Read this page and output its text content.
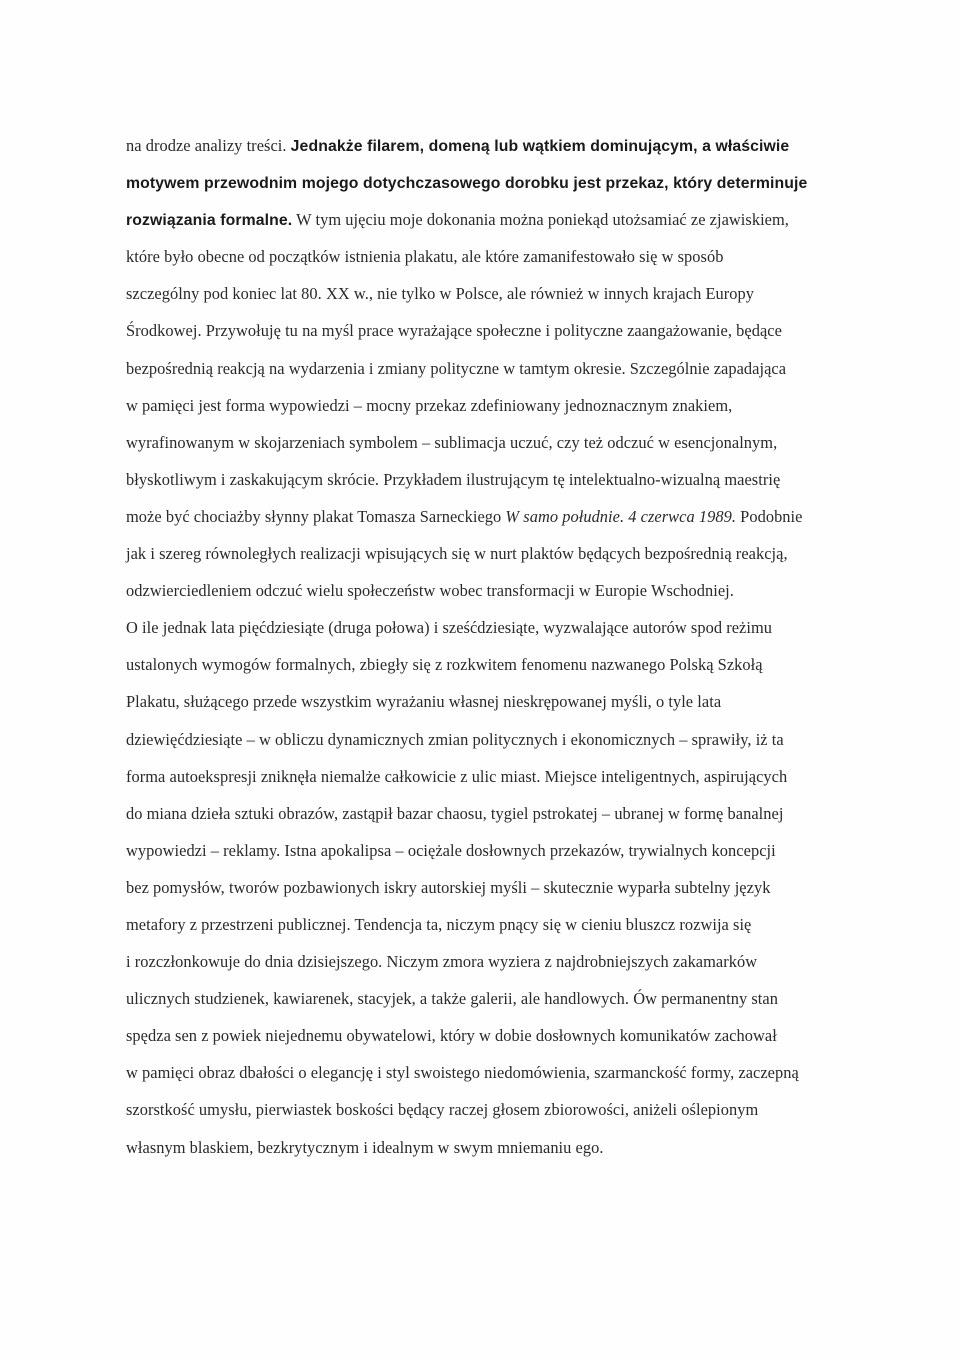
na drodze analizy treści. Jednakże filarem, domeną lub wątkiem dominującym, a właściwie
motywem przewodnim mojego dotychczasowego dorobku jest przekaz, który determinuje
rozwiązania formalne. W tym ujęciu moje dokonania można poniekąd utożsamiać ze zjawiskiem,
które było obecne od początków istnienia plakatu, ale które zamanifestowało się w sposób
szczególny pod koniec lat 80. XX w., nie tylko w Polsce, ale również w innych krajach Europy
Środkowej. Przywołuję tu na myśl prace wyrażające społeczne i polityczne zaangażowanie, będące
bezpośrednią reakcją na wydarzenia i zmiany polityczne w tamtym okresie. Szczególnie zapadająca
w pamięci jest forma wypowiedzi – mocny przekaz zdefiniowany jednoznacznym znakiem,
wyrafinowanym w skojarzeniach symbolem – sublimacja uczuć, czy też odczuć w esencjonalnym,
błyskotliwym i zaskakującym skrócie. Przykładem ilustrującym tę intelektualno-wizualną maestrię
może być chociażby słynny plakat Tomasza Sarneckiego W samo południe. 4 czerwca 1989. Podobnie
jak i szereg równoległych realizacji wpisujących się w nurt plaktów będących bezpośrednią reakcją,
odzwierciedleniem odczuć wielu społeczeństw wobec transformacji w Europie Wschodniej.
O ile jednak lata pięćdziesiąte (druga połowa) i sześćdziesiąte, wyzwalające autorów spod reżimu
ustalonych wymogów formalnych, zbiegły się z rozkwitem fenomenu nazwanego Polską Szkołą
Plakatu, służącego przede wszystkim wyrażaniu własnej nieskrępowanej myśli, o tyle lata
dziewięćdziesiąte – w obliczu dynamicznych zmian politycznych i ekonomicznych – sprawiły, iż ta
forma autoekspresji zniknęła niemalże całkowicie z ulic miast. Miejsce inteligentnych, aspirujących
do miana dzieła sztuki obrazów, zastąpił bazar chaosu, tygiel pstrokatej – ubranej w formę banalnej
wypowiedzi – reklamy. Istna apokalipsa – ociężale dosłownych przekazów, trywialnych koncepcji
bez pomysłów, tworów pozbawionych iskry autorskiej myśli – skutecznie wyparła subtelny język
metafory z przestrzeni publicznej. Tendencja ta, niczym pnący się w cieniu bluszcz rozwija się
i rozczłonkowuje do dnia dzisiejszego. Niczym zmora wyziera z najdrobniejszych zakamarków
ulicznych studzienek, kawiarenek, stacyjek, a także galerii, ale handlowych. Ów permanentny stan
spędza sen z powiek niejednemu obywatelowi, który w dobie dosłownych komunikatów zachował
w pamięci obraz dbałości o elegancję i styl swoistego niedomówienia, szarmanckość formy, zaczepną
szorstkość umysłu, pierwiastek boskości będący raczej głosem zbiorowości, aniżeli oślepionym
własnym blaskiem, bezkrytycznym i idealnym w swym mniemaniu ego.
